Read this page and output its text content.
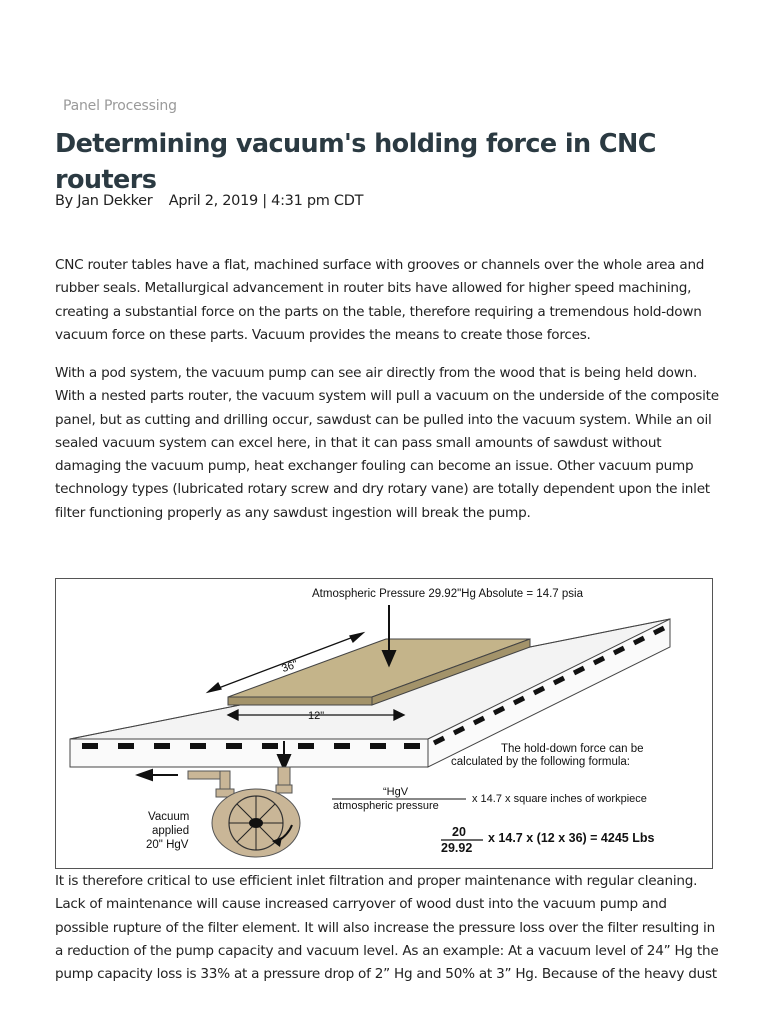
Panel Processing
Determining vacuum's holding force in CNC routers
By Jan Dekker April 2, 2019 | 4:31 pm CDT

CNC router tables have a flat, machined surface with grooves or channels over the whole area and rubber seals. Metallurgical advancement in router bits have allowed for higher speed machining, creating a substantial force on the parts on the table, therefore requiring a tremendous hold-down vacuum force on these parts. Vacuum provides the means to create those forces.

With a pod system, the vacuum pump can see air directly from the wood that is being held down. With a nested parts router, the vacuum system will pull a vacuum on the underside of the composite panel, but as cutting and drilling occur, sawdust can be pulled into the vacuum system. While an oil sealed vacuum system can excel here, in that it can pass small amounts of sawdust without damaging the vacuum pump, heat exchanger fouling can become an issue. Other vacuum pump technology types (lubricated rotary screw and dry rotary vane) are totally dependent upon the inlet filter functioning properly as any sawdust ingestion will break the pump.

36"
12"
Atmospheric Pressure 29.92"Hg Absolute = 14.7 psia
Vacuum
applied
20" HgV
The hold-down force can be
calculated by the following formula:
“HgV
atmospheric pressure
x 14.7 x square inches of workpiece
20
29.92
x 14.7 x (12 x 36) = 4245 Lbs

It is therefore critical to use efficient inlet filtration and proper maintenance with regular cleaning. Lack of maintenance will cause increased carryover of wood dust into the vacuum pump and possible rupture of the filter element. It will also increase the pressure loss over the filter resulting in a reduction of the pump capacity and vacuum level. As an example: At a vacuum level of 24” Hg the pump capacity loss is 33% at a pressure drop of 2” Hg and 50% at 3” Hg. Because of the heavy dust
